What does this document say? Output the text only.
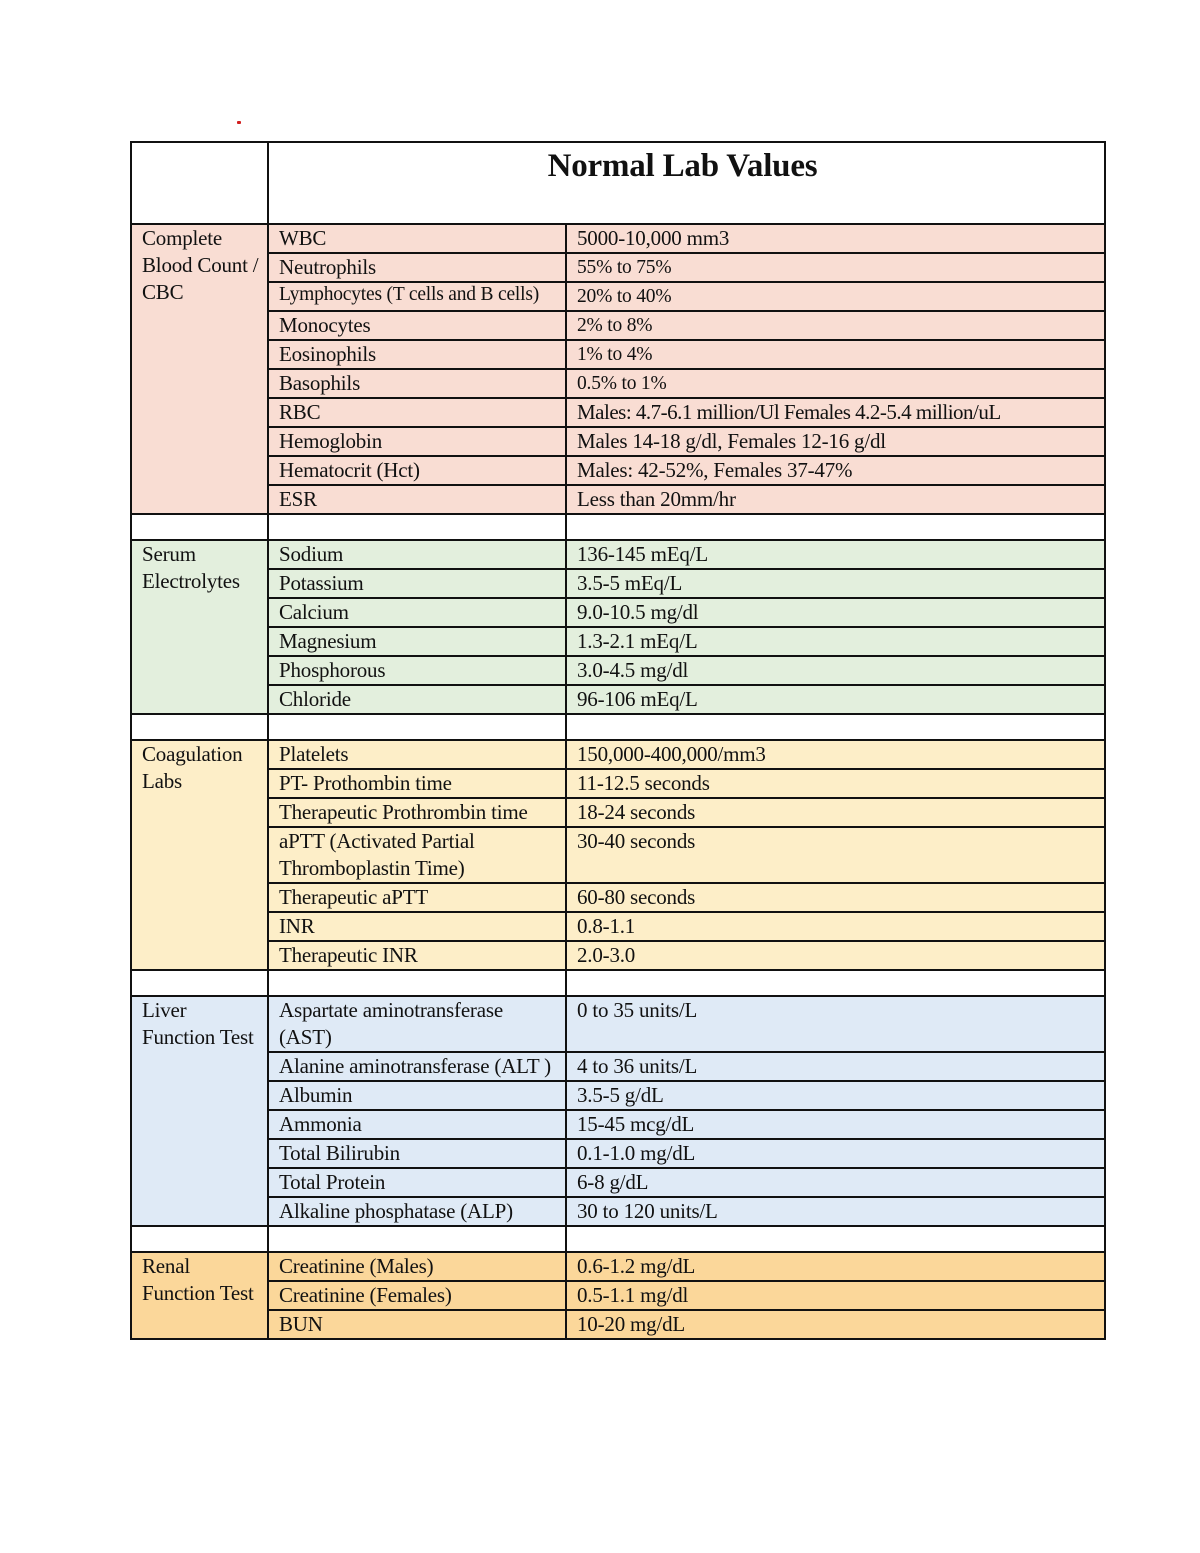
	Normal Lab Values	
Complete Blood Count / CBC	WBC	5000-10,000 mm3
	Neutrophils	55% to 75%
	Lymphocytes (T cells and B cells)	20% to 40%
	Monocytes	2% to 8%
	Eosinophils	1% to 4%
	Basophils	0.5% to 1%
	RBC	Males: 4.7-6.1 million/Ul Females 4.2-5.4 million/uL
	Hemoglobin	Males 14-18 g/dl, Females 12-16 g/dl
	Hematocrit (Hct)	Males: 42-52%, Females 37-47%
	ESR	Less than 20mm/hr

Serum Electrolytes	Sodium	136-145 mEq/L
	Potassium	3.5-5 mEq/L
	Calcium	9.0-10.5 mg/dl
	Magnesium	1.3-2.1 mEq/L
	Phosphorous	3.0-4.5 mg/dl
	Chloride	96-106 mEq/L

Coagulation Labs	Platelets	150,000-400,000/mm3
	PT- Prothombin time	11-12.5 seconds
	Therapeutic Prothrombin time	18-24 seconds
	aPTT (Activated Partial Thromboplastin Time)	30-40 seconds
	Therapeutic aPTT	60-80 seconds
	INR	0.8-1.1
	Therapeutic INR	2.0-3.0

Liver Function Test	Aspartate aminotransferase (AST)	0 to 35 units/L
	Alanine aminotransferase (ALT )	4 to 36 units/L
	Albumin	3.5-5 g/dL
	Ammonia	15-45 mcg/dL
	Total Bilirubin	0.1-1.0 mg/dL
	Total Protein	6-8 g/dL
	Alkaline phosphatase (ALP)	30 to 120 units/L

Renal Function Test	Creatinine (Males)	0.6-1.2 mg/dL
	Creatinine (Females)	0.5-1.1 mg/dl
	BUN	10-20 mg/dL
